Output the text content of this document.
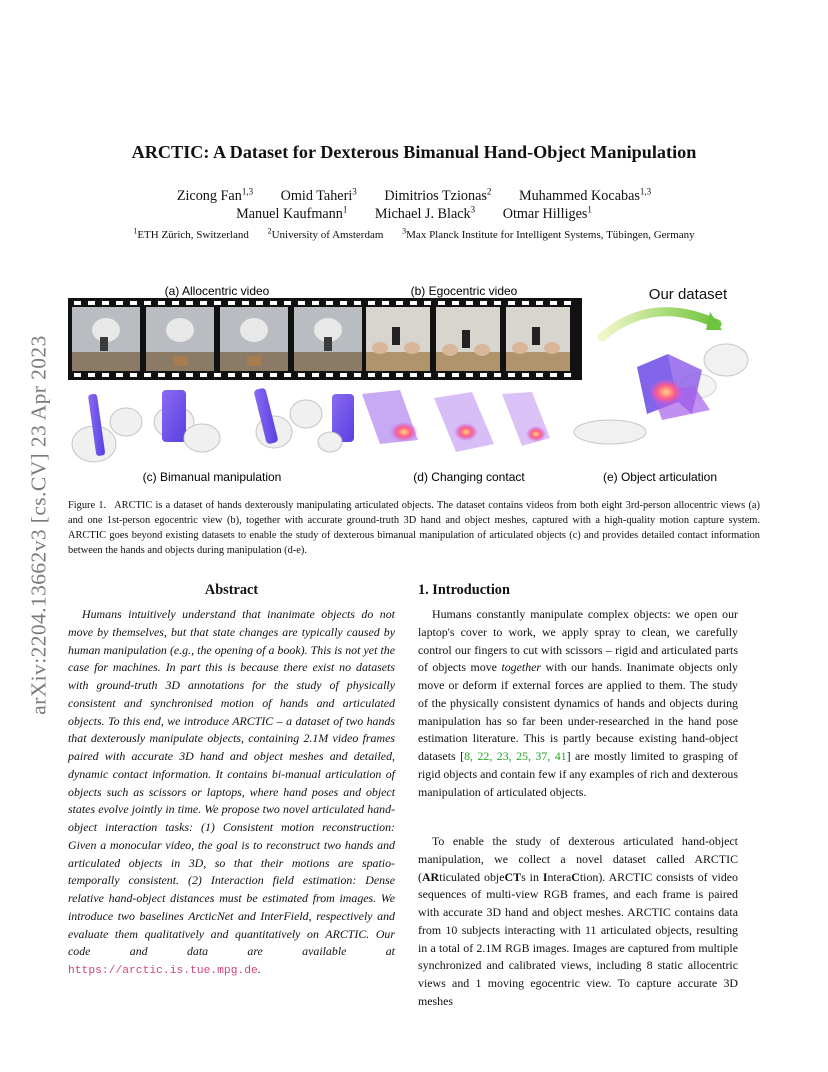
arXiv:2204.13662v3 [cs.CV] 23 Apr 2023
ARCTIC: A Dataset for Dexterous Bimanual Hand-Object Manipulation
Zicong Fan$^{1,3}$ Omid Taheri$^3$ Dimitrios Tzionas$^2$ Muhammed Kocabas$^{1,3}$
Manuel Kaufmann$^1$ Michael J. Black$^3$ Otmar Hilliges$^1$
$^1$ETH Zürich, Switzerland $^2$University of Amsterdam $^3$Max Planck Institute for Intelligent Systems, Tübingen, Germany
(a) Allocentric video	(b) Egocentric video	Our dataset
(c) Bimanual manipulation	(d) Changing contact	(e) Object articulation
Figure 1. ARCTIC is a dataset of hands dexterously manipulating articulated objects. The dataset contains videos from both eight 3rd-person allocentric views (a) and one 1st-person egocentric view (b), together with accurate ground-truth 3D hand and object meshes, captured with a high-quality motion capture system. ARCTIC goes beyond existing datasets to enable the study of dexterous bimanual manipulation of articulated objects (c) and provides detailed contact information between the hands and objects during manipulation (d-e).
Abstract
Humans intuitively understand that inanimate objects do not move by themselves, but that state changes are typically caused by human manipulation (e.g., the opening of a book). This is not yet the case for machines. In part this is because there exist no datasets with ground-truth 3D annotations for the study of physically consistent and synchronised motion of hands and articulated objects. To this end, we introduce ARCTIC – a dataset of two hands that dexterously manipulate objects, containing 2.1M video frames paired with accurate 3D hand and object meshes and detailed, dynamic contact information. It contains bi-manual articulation of objects such as scissors or laptops, where hand poses and object states evolve jointly in time. We propose two novel articulated hand-object interaction tasks: (1) Consistent motion reconstruction: Given a monocular video, the goal is to reconstruct two hands and articulated objects in 3D, so that their motions are spatio-temporally consistent. (2) Interaction field estimation: Dense relative hand-object distances must be estimated from images. We introduce two baselines ArcticNet and InterField, respectively and evaluate them qualitatively and quantitatively on ARCTIC. Our code and data are available at https://arctic.is.tue.mpg.de.
1. Introduction
Humans constantly manipulate complex objects: we open our laptop's cover to work, we apply spray to clean, we carefully control our fingers to cut with scissors – rigid and articulated parts of objects move together with our hands. Inanimate objects only move or deform if external forces are applied to them. The study of the physically consistent dynamics of hands and objects during manipulation has so far been under-researched in the hand pose estimation literature. This is partly because existing hand-object datasets [8, 22, 23, 25, 37, 41] are mostly limited to grasping of rigid objects and contain few if any examples of rich and dexterous manipulation of articulated objects.
To enable the study of dexterous articulated hand-object manipulation, we collect a novel dataset called ARCTIC (ARticulated objeCTs in InteraCtion). ARCTIC consists of video sequences of multi-view RGB frames, and each frame is paired with accurate 3D hand and object meshes. ARCTIC contains data from 10 subjects interacting with 11 articulated objects, resulting in a total of 2.1M RGB images. Images are captured from multiple synchronized and calibrated views, including 8 static allocentric views and 1 moving egocentric view. To capture accurate 3D meshes
